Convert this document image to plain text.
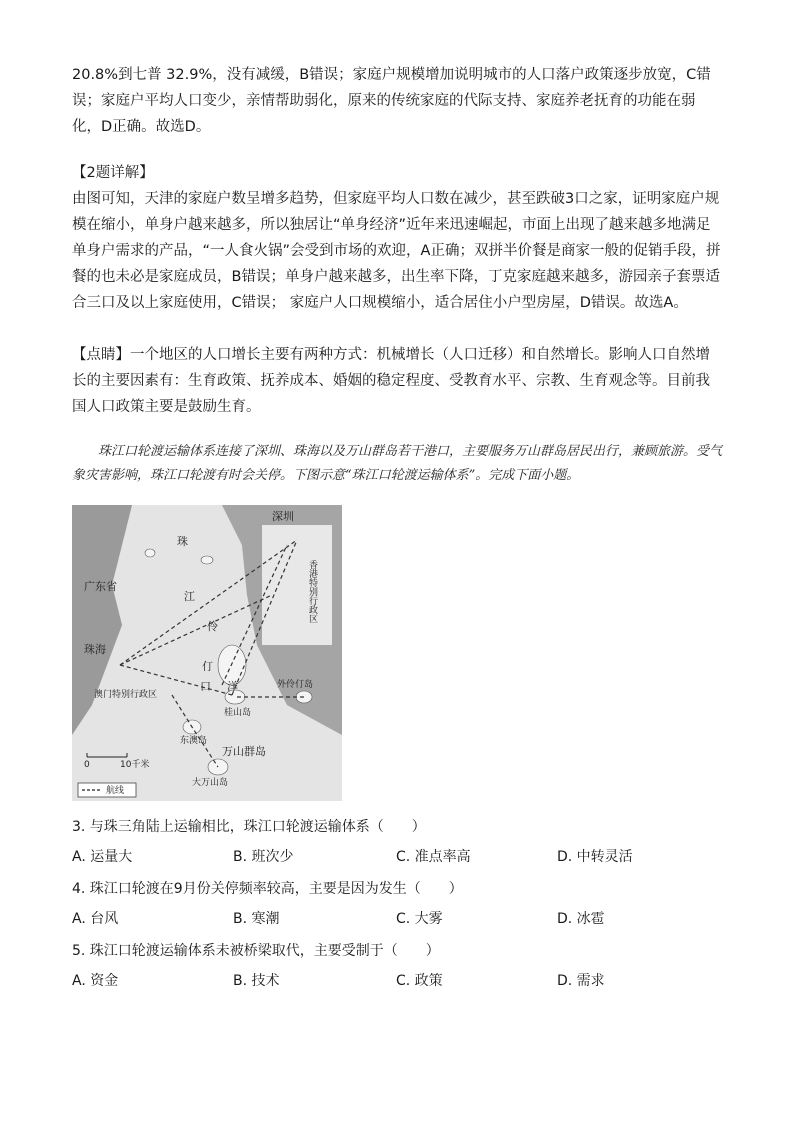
20.8%到七普 32.9%，没有减缓，B错误；家庭户规模增加说明城市的人口落户政策逐步放宽，C错误；家庭户平均人口变少，亲情帮助弱化，原来的传统家庭的代际支持、家庭养老抚育的功能在弱化，D正确。故选D。

【2题详解】

由图可知，天津的家庭户数呈增多趋势，但家庭平均人口数在减少，甚至跌破3口之家，证明家庭户规模在缩小，单身户越来越多，所以独居让“单身经济”近年来迅速崛起，市面上出现了越来越多地满足单身户需求的产品，“一人食火锅”会受到市场的欢迎，A正确；双拼半价餐是商家一般的促销手段，拼餐的也未必是家庭成员，B错误；单身户越来越多，出生率下降，丁克家庭越来越多，游园亲子套票适合三口及以上家庭使用，C错误； 家庭户人口规模缩小，适合居住小户型房屋，D错误。故选A。

【点睛】一个地区的人口增长主要有两种方式：机械增长（人口迁移）和自然增长。影响人口自然增长的主要因素有：生育政策、抚养成本、婚姻的稳定程度、受教育水平、宗教、生育观念等。目前我国人口政策主要是鼓励生育。

珠江口轮渡运输体系连接了深圳、珠海以及万山群岛若干港口，主要服务万山群岛居民出行，兼顾旅游。受气象灾害影响，珠江口轮渡有时会关停。下图示意“珠江口轮渡运输体系”。完成下面小题。

深圳
珠
广东省
江
伶
仃
洋
珠海
香港特别行政区
澳门特别行政区
口
桂山岛
外伶仃岛
东澳岛
万山群岛
大万山岛
0	10千米
航线

3. 与珠三角陆上运输相比，珠江口轮渡运输体系（　　）

A. 运量大	B. 班次少	C. 准点率高	D. 中转灵活

4. 珠江口轮渡在9月份关停频率较高，主要是因为发生（　　）

A. 台风	B. 寒潮	C. 大雾	D. 冰雹

5. 珠江口轮渡运输体系未被桥梁取代，主要受制于（　　）

A. 资金	B. 技术	C. 政策	D. 需求
